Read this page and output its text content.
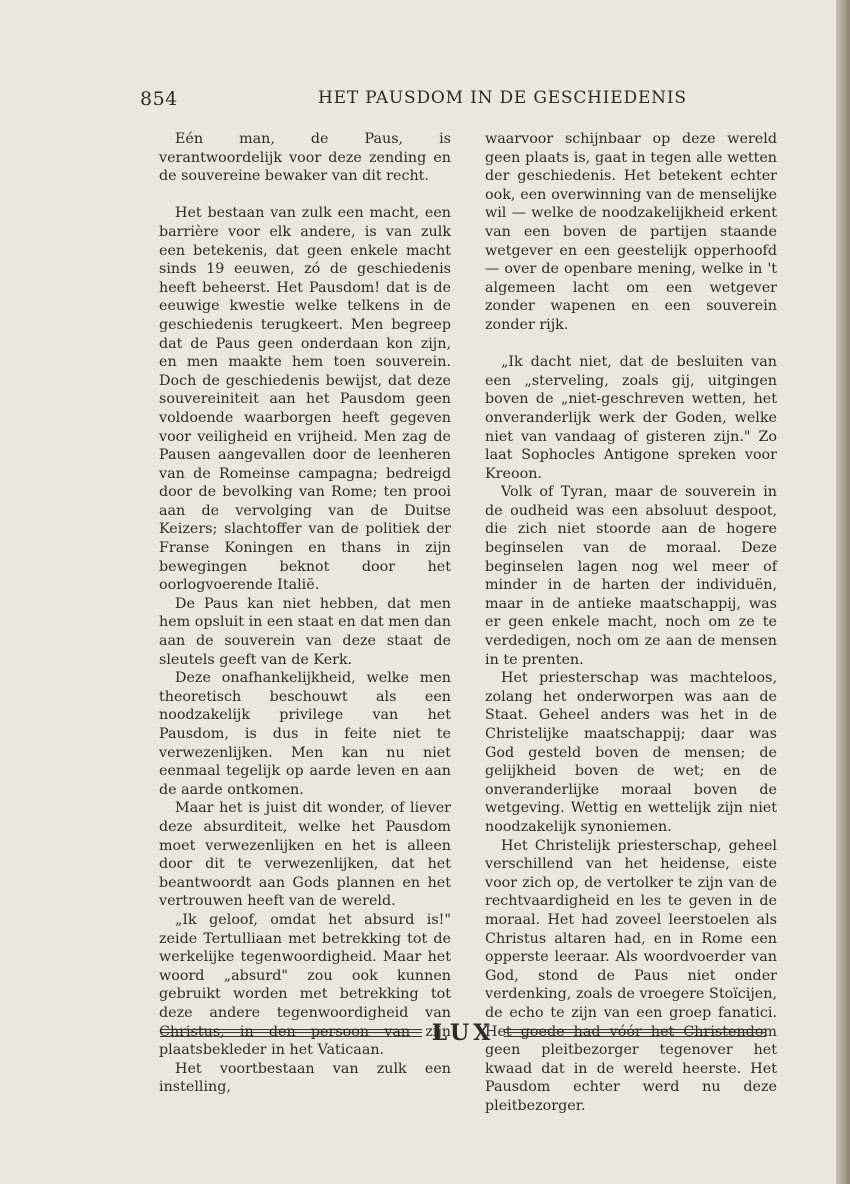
854	HET PAUSDOM IN DE GESCHIEDENIS

Eén man, de Paus, is verantwoordelijk voor deze zending en de souvereine bewaker van dit recht.

Het bestaan van zulk een macht, een barrière voor elk andere, is van zulk een betekenis, dat geen enkele macht sinds 19 eeuwen, zó de geschiedenis heeft beheerst. Het Pausdom! dat is de eeuwige kwestie welke telkens in de geschiedenis terugkeert. Men begreep dat de Paus geen onderdaan kon zijn, en men maakte hem toen souverein. Doch de geschiedenis bewijst, dat deze souvereiniteit aan het Pausdom geen voldoende waarborgen heeft gegeven voor veiligheid en vrijheid. Men zag de Pausen aangevallen door de leenheren van de Romeinse campagna; bedreigd door de bevolking van Rome; ten prooi aan de vervolging van de Duitse Keizers; slachtoffer van de politiek der Franse Koningen en thans in zijn bewegingen beknot door het oorlogvoerende Italië.

De Paus kan niet hebben, dat men hem opsluit in een staat en dat men dan aan de souverein van deze staat de sleutels geeft van de Kerk.

Deze onafhankelijkheid, welke men theoretisch beschouwt als een noodzakelijk privilege van het Pausdom, is dus in feite niet te verwezenlijken. Men kan nu niet eenmaal tegelijk op aarde leven en aan de aarde ontkomen.

Maar het is juist dit wonder, of liever deze absurditeit, welke het Pausdom moet verwezenlijken en het is alleen door dit te verwezenlijken, dat het beantwoordt aan Gods plannen en het vertrouwen heeft van de wereld.

„Ik geloof, omdat het absurd is!" zeide Tertulliaan met betrekking tot de werkelijke tegenwoordigheid. Maar het woord „absurd" zou ook kunnen gebruikt worden met betrekking tot deze andere tegenwoordigheid van Christus, in den persoon van zijn plaatsbekleder in het Vaticaan.

Het voortbestaan van zulk een instelling,

waarvoor schijnbaar op deze wereld geen plaats is, gaat in tegen alle wetten der geschiedenis. Het betekent echter ook, een overwinning van de menselijke wil — welke de noodzakelijkheid erkent van een boven de partijen staande wetgever en een geestelijk opperhoofd — over de openbare mening, welke in 't algemeen lacht om een wetgever zonder wapenen en een souverein zonder rijk.

„Ik dacht niet, dat de besluiten van een „sterveling, zoals gij, uitgingen boven de „niet-geschreven wetten, het onveranderlijk werk der Goden, welke niet van vandaag of gisteren zijn." Zo laat Sophocles Antigone spreken voor Kreoon.

Volk of Tyran, maar de souverein in de oudheid was een absoluut despoot, die zich niet stoorde aan de hogere beginselen van de moraal. Deze beginselen lagen nog wel meer of minder in de harten der individuën, maar in de antieke maatschappij, was er geen enkele macht, noch om ze te verdedigen, noch om ze aan de mensen in te prenten.

Het priesterschap was machteloos, zolang het onderworpen was aan de Staat. Geheel anders was het in de Christelijke maatschappij; daar was God gesteld boven de mensen; de gelijkheid boven de wet; en de onveranderlijke moraal boven de wetgeving. Wettig en wettelijk zijn niet noodzakelijk synoniemen.

Het Christelijk priesterschap, geheel verschillend van het heidense, eiste voor zich op, de vertolker te zijn van de rechtvaardigheid en les te geven in de moraal. Het had zoveel leerstoelen als Christus altaren had, en in Rome een opperste leeraar. Als woordvoerder van God, stond de Paus niet onder verdenking, zoals de vroegere Stoïcijen, de echo te zijn van een groep fanatici. Het goede had vóór het Christendom geen pleitbezorger tegenover het kwaad dat in de wereld heerste. Het Pausdom echter werd nu deze pleitbezorger.

LUX
